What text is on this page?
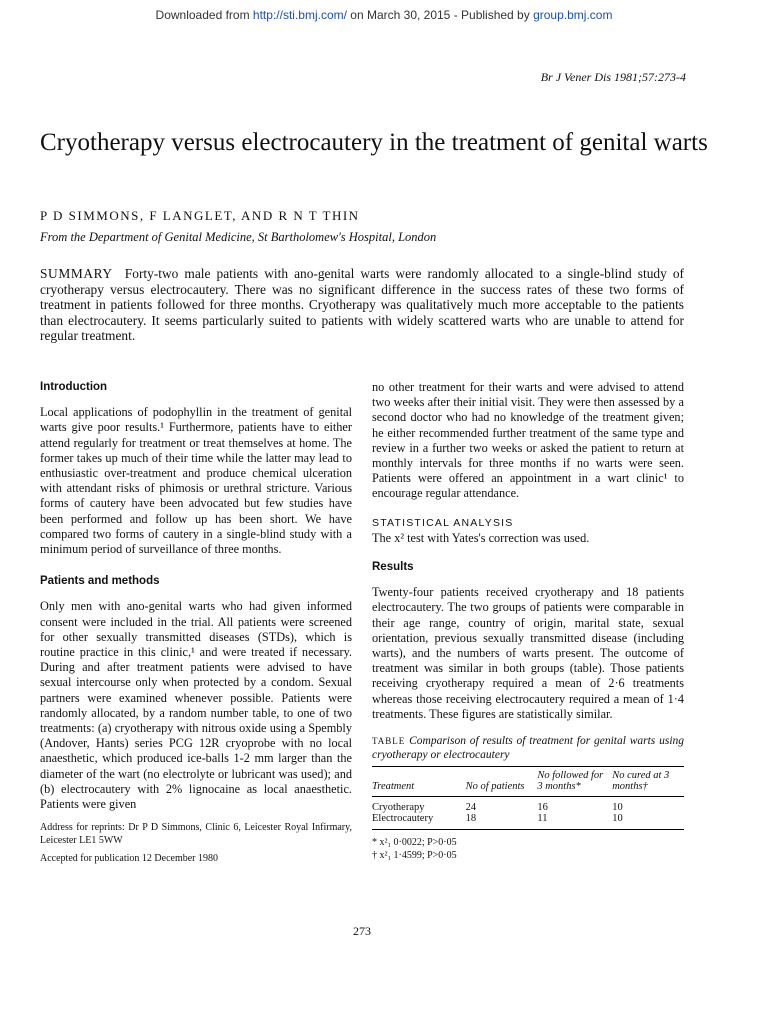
Downloaded from http://sti.bmj.com/ on March 30, 2015 - Published by group.bmj.com
Br J Vener Dis 1981;57:273-4
Cryotherapy versus electrocautery in the treatment of genital warts
P D SIMMONS, F LANGLET, AND R N T THIN
From the Department of Genital Medicine, St Bartholomew's Hospital, London
SUMMARY Forty-two male patients with ano-genital warts were randomly allocated to a single-blind study of cryotherapy versus electrocautery. There was no significant difference in the success rates of these two forms of treatment in patients followed for three months. Cryotherapy was qualitatively much more acceptable to the patients than electrocautery. It seems particularly suited to patients with widely scattered warts who are unable to attend for regular treatment.

Introduction

Local applications of podophyllin in the treatment of genital warts give poor results.¹ Furthermore, patients have to either attend regularly for treatment or treat themselves at home. The former takes up much of their time while the latter may lead to enthusiastic over-treatment and produce chemical ulceration with attendant risks of phimosis or urethral stricture. Various forms of cautery have been advocated but few studies have been performed and follow up has been short. We have compared two forms of cautery in a single-blind study with a minimum period of surveillance of three months.

Patients and methods

Only men with ano-genital warts who had given informed consent were included in the trial. All patients were screened for other sexually transmitted diseases (STDs), which is routine practice in this clinic,¹ and were treated if necessary. During and after treatment patients were advised to have sexual intercourse only when protected by a condom. Sexual partners were examined whenever possible. Patients were randomly allocated, by a random number table, to one of two treatments: (a) cryotherapy with nitrous oxide using a Spembly (Andover, Hants) series PCG 12R cryoprobe with no local anaesthetic, which produced ice-balls 1-2 mm larger than the diameter of the wart (no electrolyte or lubricant was used); and (b) electrocautery with 2% lignocaine as local anaesthetic. Patients were given

Address for reprints: Dr P D Simmons, Clinic 6, Leicester Royal Infirmary, Leicester LE1 5WW

Accepted for publication 12 December 1980

no other treatment for their warts and were advised to attend two weeks after their initial visit. They were then assessed by a second doctor who had no knowledge of the treatment given; he either recommended further treatment of the same type and review in a further two weeks or asked the patient to return at monthly intervals for three months if no warts were seen. Patients were offered an appointment in a wart clinic¹ to encourage regular attendance.

STATISTICAL ANALYSIS

The x² test with Yates's correction was used.

Results

Twenty-four patients received cryotherapy and 18 patients electrocautery. The two groups of patients were comparable in their age range, country of origin, marital state, sexual orientation, previous sexually transmitted disease (including warts), and the numbers of warts present. The outcome of treatment was similar in both groups (table). Those patients receiving cryotherapy required a mean of 2·6 treatments whereas those receiving electrocautery required a mean of 1·4 treatments. These figures are statistically similar.

TABLE Comparison of results of treatment for genital warts using cryotherapy or electrocautery

Treatment	No of patients	No followed for 3 months*	No cured at 3 months†
Cryotherapy	24	16	10
Electrocautery	18	11	10

* x²₁ 0·0022; P>0·05

† x²₁ 1·4599; P>0·05

273
